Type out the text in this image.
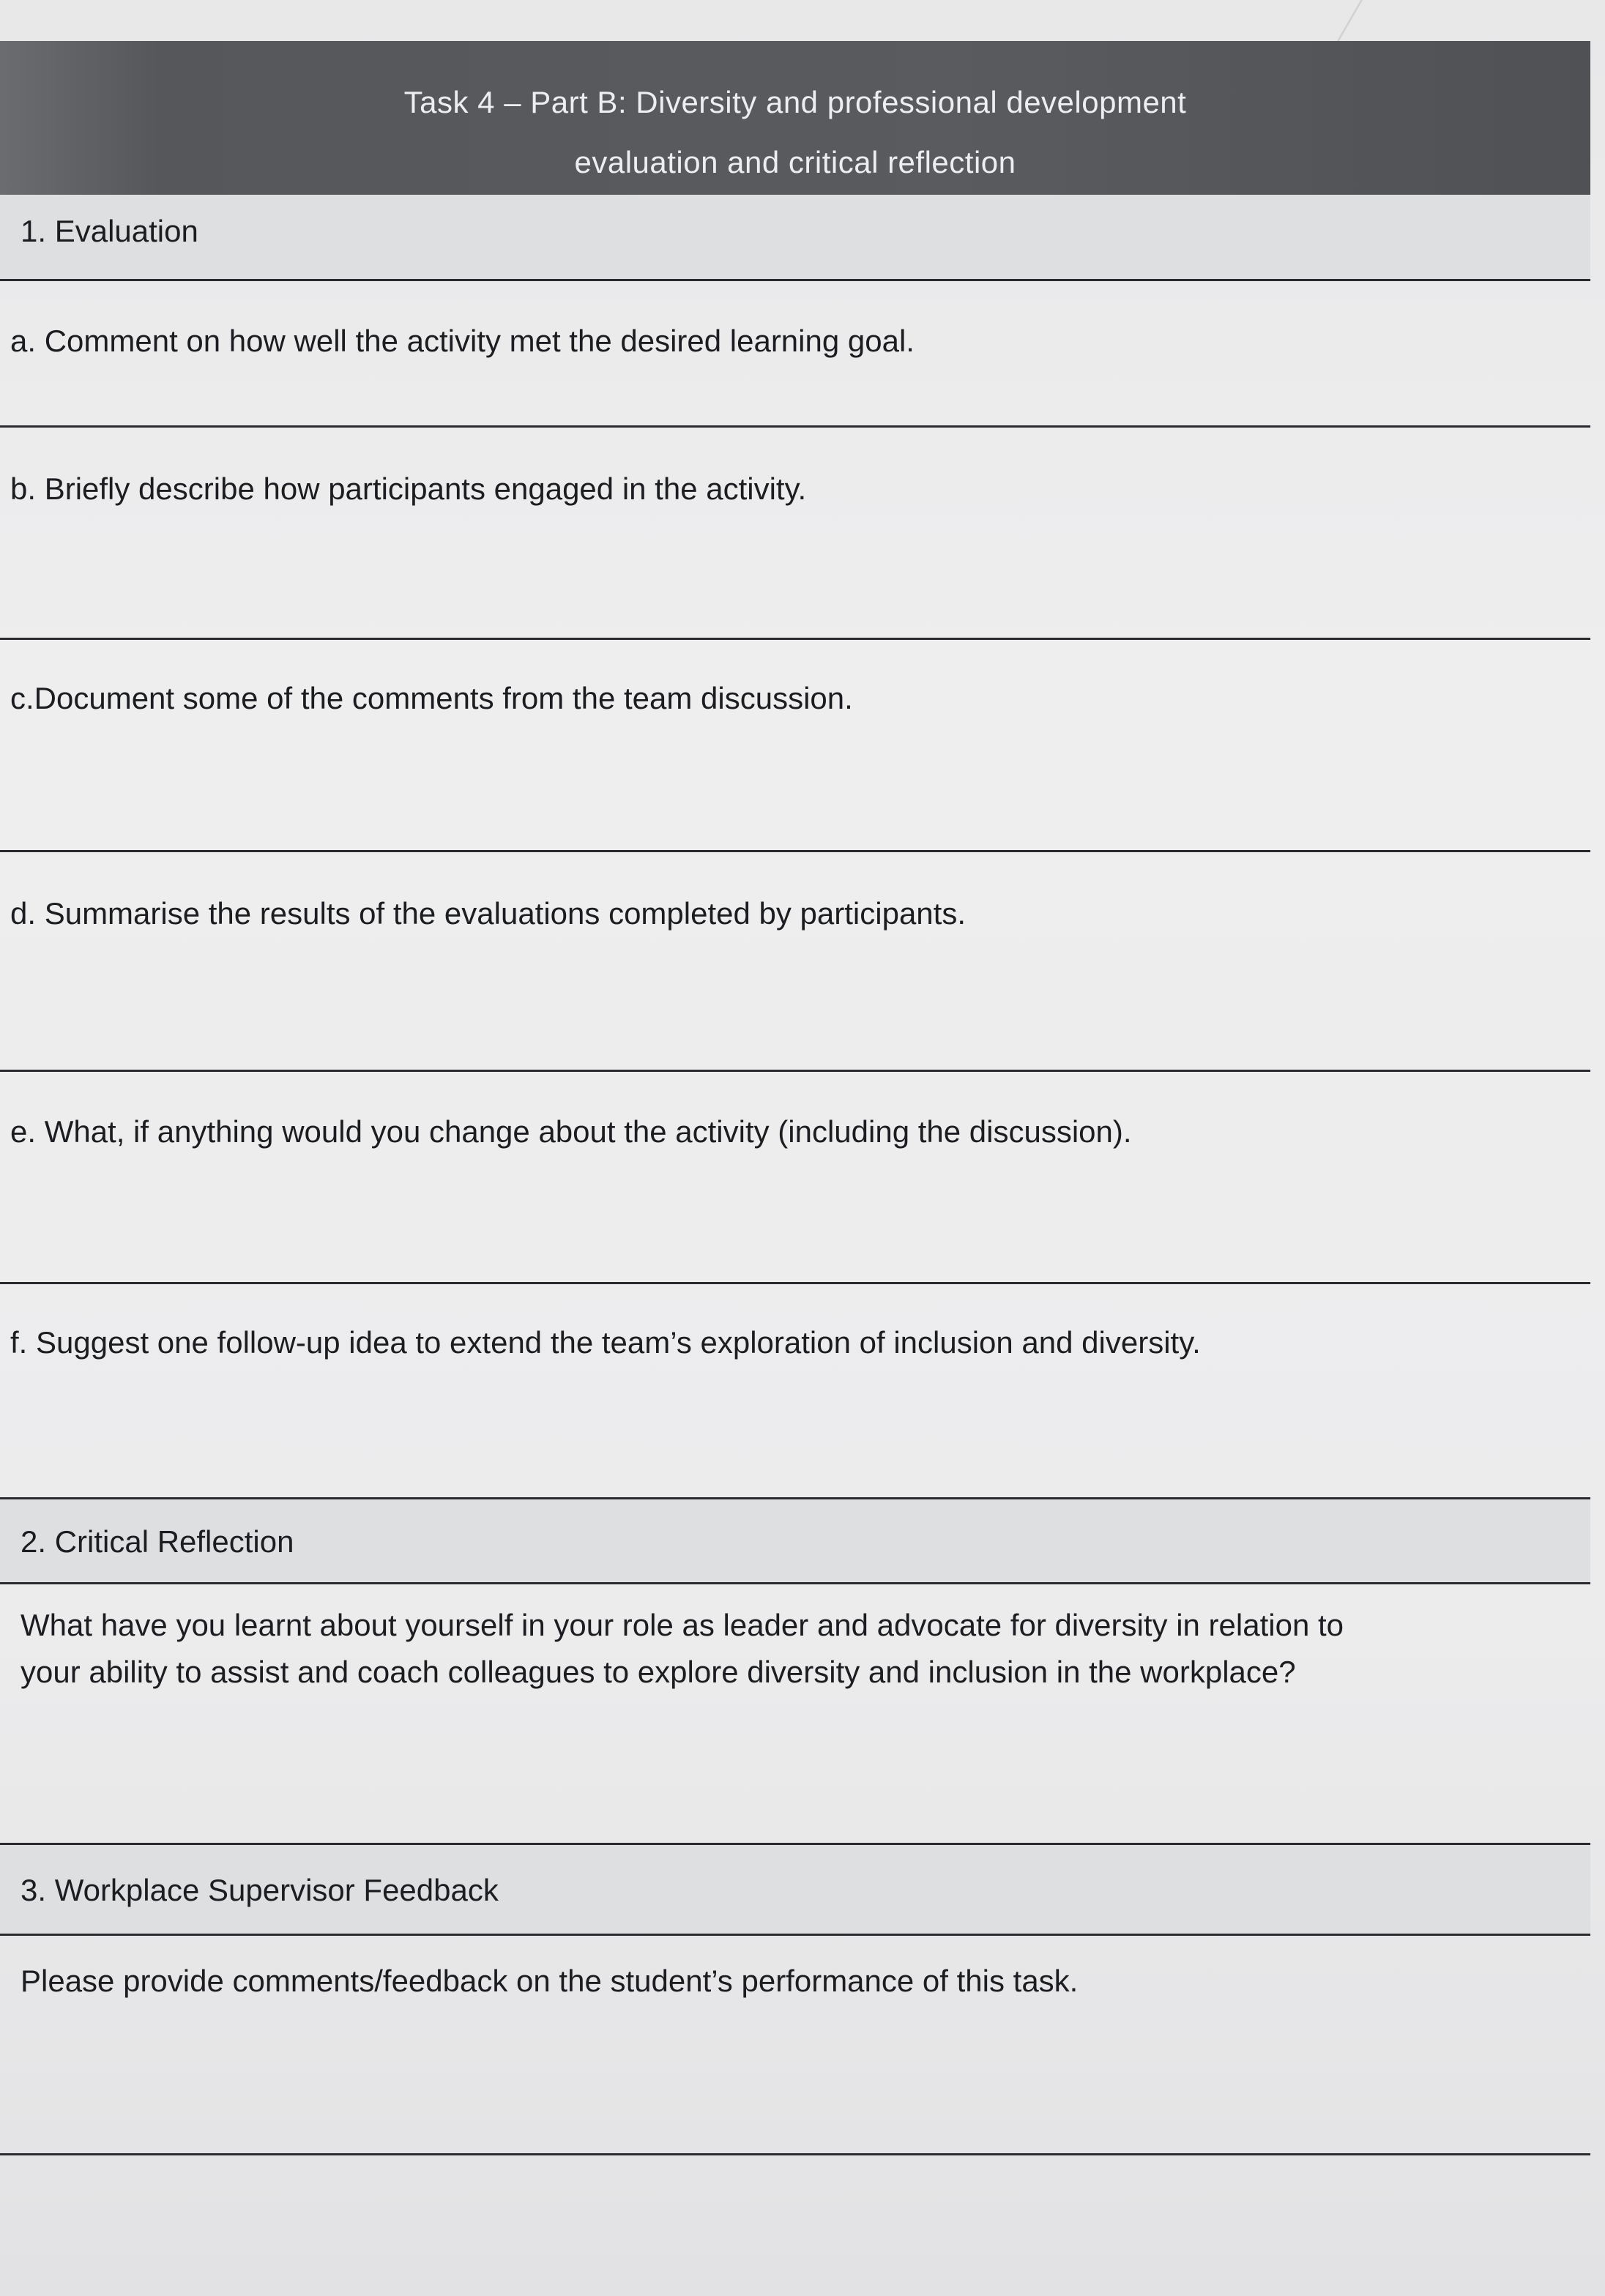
Task 4 – Part B: Diversity and professional development
evaluation and critical reflection
1. Evaluation
a. Comment on how well the activity met the desired learning goal.
b. Briefly describe how participants engaged in the activity.
c.Document some of the comments from the team discussion.
d. Summarise the results of the evaluations completed by participants.
e. What, if anything would you change about the activity (including the discussion).
f. Suggest one follow-up idea to extend the team’s exploration of inclusion and diversity.
2. Critical Reflection
What have you learnt about yourself in your role as leader and advocate for diversity in relation to
your ability to assist and coach colleagues to explore diversity and inclusion in the workplace?
3. Workplace Supervisor Feedback
Please provide comments/feedback on the student’s performance of this task.
